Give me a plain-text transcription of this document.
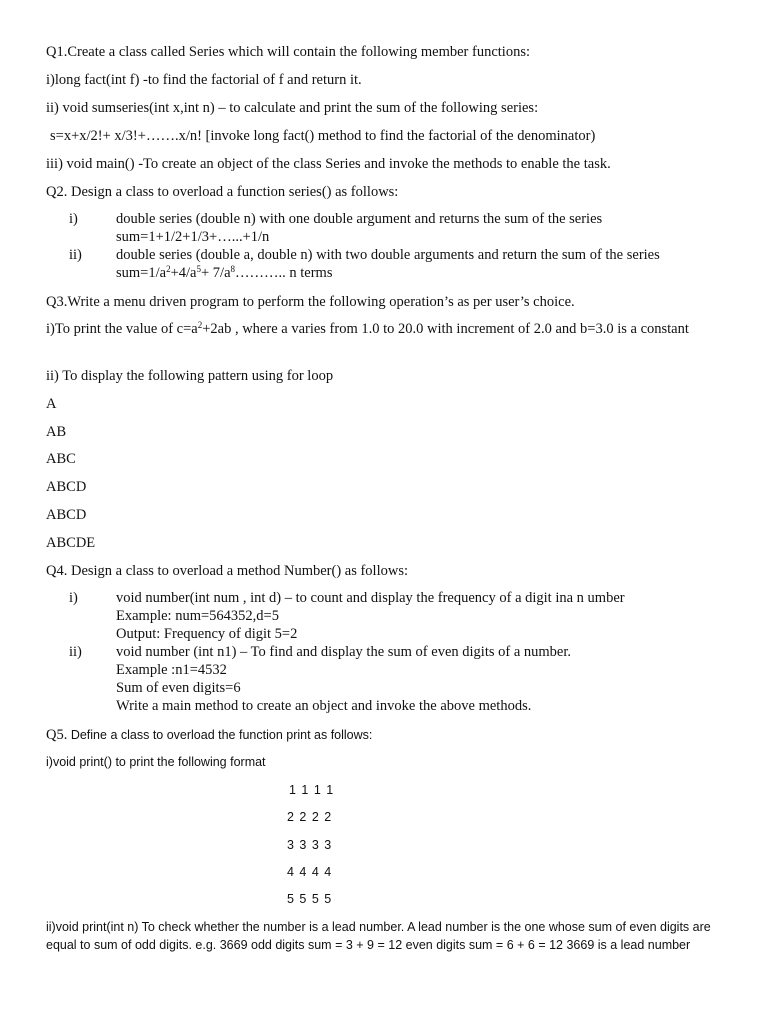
Q1.Create a class called Series which will contain the following member functions:
i)long fact(int f) -to find the factorial of f and return it.
ii) void sumseries(int x,int n) – to calculate and print the sum of the following series:
s=x+x/2!+ x/3!+…….x/n! [invoke long fact() method to find the factorial of the denominator)
iii) void main() -To create an object of the class Series and invoke the methods to enable the task.
Q2. Design a class to overload a function series() as follows:
i)	double series (double n) with one double argument and returns the sum of the series
sum=1+1/2+1/3+…...+1/n
ii) double series (double a, double n) with two double arguments and return the sum of the series
$sum=1/a^2+4/a^5+$ $7/a^8\dots\dots\dots$.. n terms
Q3.Write a menu driven program to perform the following operation’s as per user’s choice.
i)To print the value of $c=a^2+2ab$ , where a varies from 1.0 to 20.0 with increment of 2.0 and b=3.0 is a constant
ii) To display the following pattern using for loop
A
AB
ABC
ABCD
ABCD
ABCDE
Q4. Design a class to overload a method Number() as follows:
i)	void number(int num , int d) – to count and display the frequency of a digit ina n umber
Example: num=564352,d=5
Output: Frequency of digit 5=2
ii) void number (int n1) – To find and display the sum of even digits of a number.
Example :n1=4532
Sum of even digits=6
Write a main method to create an object and invoke the above methods.
Q5. Define a class to overload the function print as follows:
i)void print() to print the following format
1 1 1 1
2 2 2 2
3 3 3 3
4 4 4 4
5 5 5 5
ii)void print(int n) To check whether the number is a lead number. A lead number is the one whose sum of even digits are equal to sum of odd digits. e.g. 3669 odd digits sum = 3 + 9 = 12 even digits sum = 6 + 6 = 12 3669 is a lead number
